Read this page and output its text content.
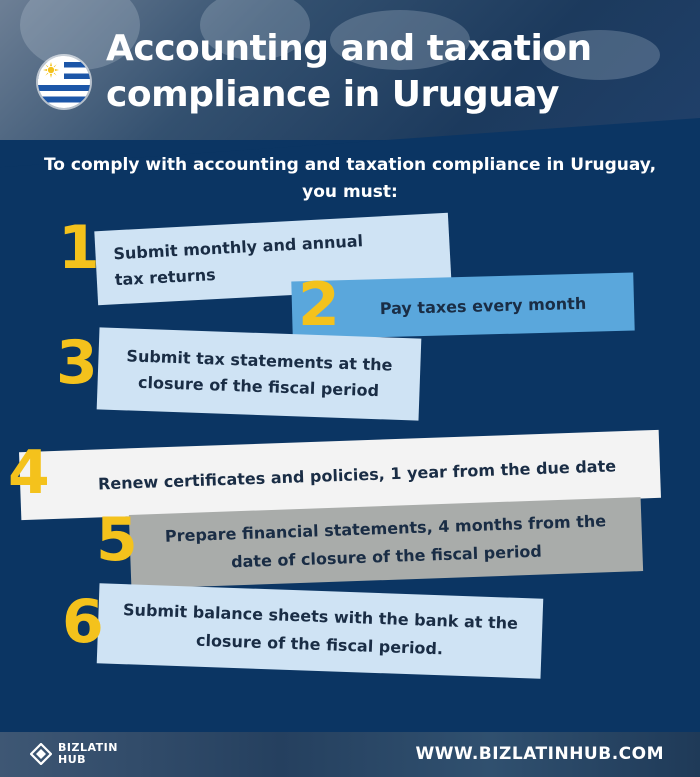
Accounting and taxation
compliance in Uruguay
To comply with accounting and taxation compliance in Uruguay, you must:
Submit monthly and annual tax returns
Pay taxes every month
Submit tax statements at the closure of the fiscal period
Renew certificates and policies, 1 year from the due date
Prepare financial statements, 4 months from the date of closure of the fiscal period
Submit balance sheets with the bank at the closure of the fiscal period.
1
2
3
4
5
6
BIZLATIN
HUB	WWW.BIZLATINHUB.COM
